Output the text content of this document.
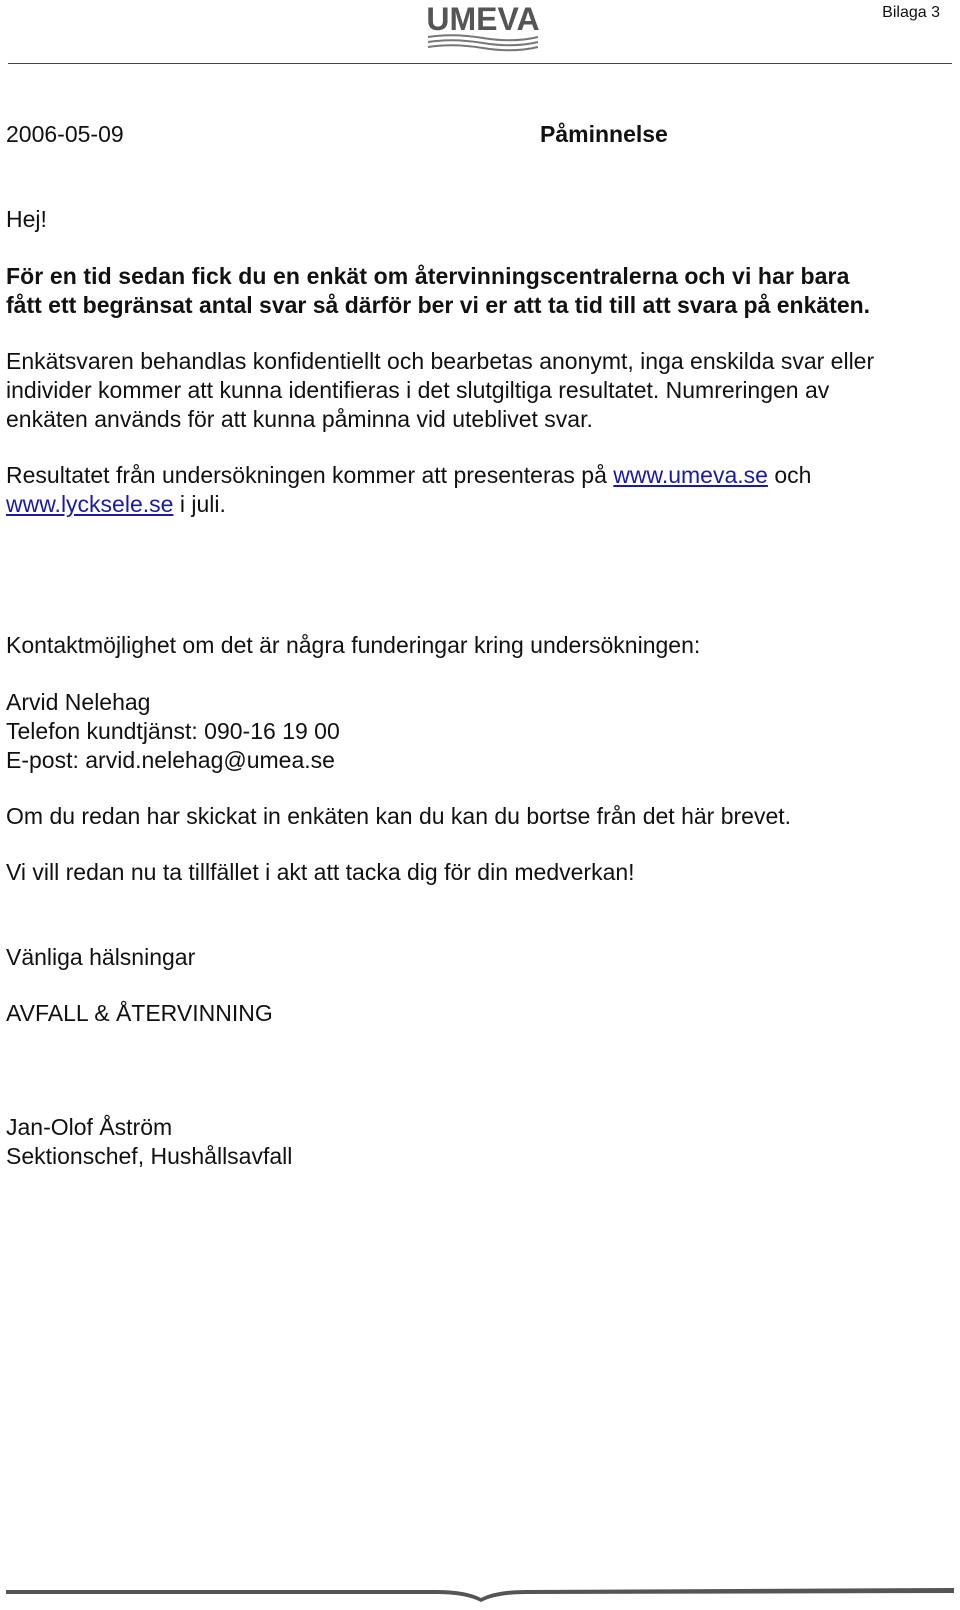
Bilaga 3
UMEVA
2006-05-09	Påminnelse
Hej!
För en tid sedan fick du en enkät om återvinningscentralerna och vi har bara
fått ett begränsat antal svar så därför ber vi er att ta tid till att svara på enkäten.
Enkätsvaren behandlas konfidentiellt och bearbetas anonymt, inga enskilda svar eller
individer kommer att kunna identifieras i det slutgiltiga resultatet. Numreringen av
enkäten används för att kunna påminna vid uteblivet svar.
Resultatet från undersökningen kommer att presenteras på www.umeva.se och
www.lycksele.se i juli.
Kontaktmöjlighet om det är några funderingar kring undersökningen:
Arvid Nelehag
Telefon kundtjänst: 090-16 19 00
E-post: arvid.nelehag@umea.se
Om du redan har skickat in enkäten kan du kan du bortse från det här brevet.
Vi vill redan nu ta tillfället i akt att tacka dig för din medverkan!
Vänliga hälsningar
AVFALL & ÅTERVINNING
Jan-Olof Åström
Sektionschef, Hushållsavfall
